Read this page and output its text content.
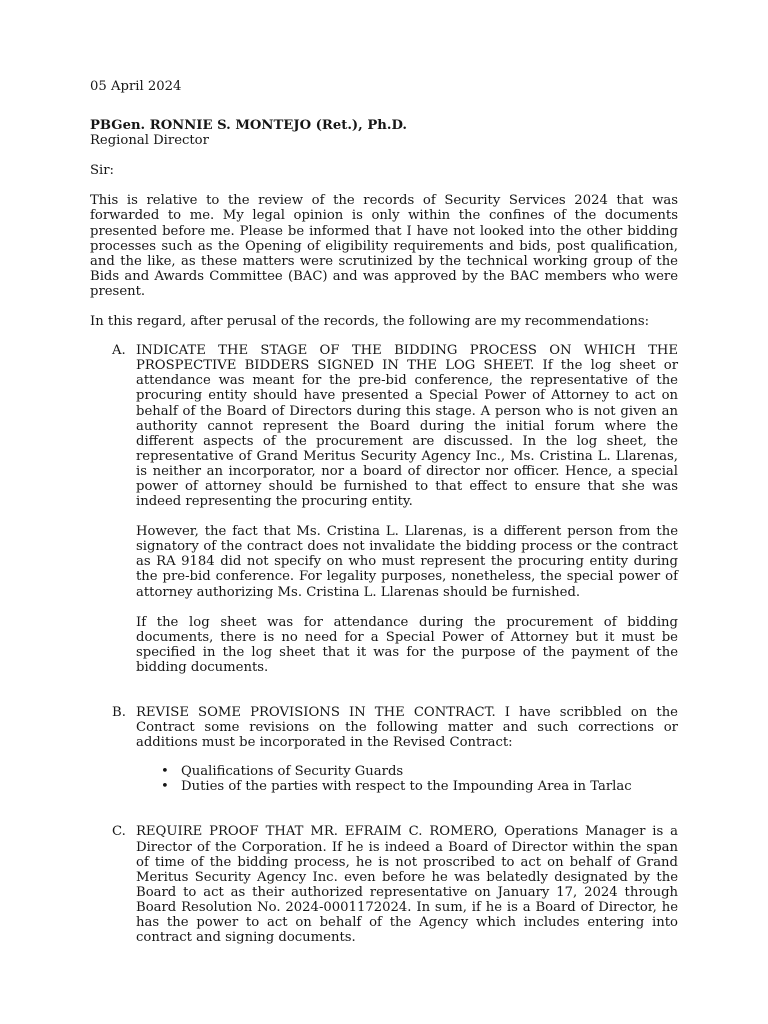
05 April 2024

PBGen. RONNIE S. MONTEJO (Ret.), Ph.D.

Regional Director

Sir:

This is relative to the review of the records of Security Services 2024 that was forwarded to me. My legal opinion is only within the confines of the documents presented before me. Please be informed that I have not looked into the other bidding processes such as the Opening of eligibility requirements and bids, post qualification, and the like, as these matters were scrutinized by the technical working group of the Bids and Awards Committee (BAC) and was approved by the BAC members who were present.

In this regard, after perusal of the records, the following are my recommendations:

A. INDICATE THE STAGE OF THE BIDDING PROCESS ON WHICH THE PROSPECTIVE BIDDERS SIGNED IN THE LOG SHEET. If the log sheet or attendance was meant for the pre-bid conference, the representative of the procuring entity should have presented a Special Power of Attorney to act on behalf of the Board of Directors during this stage. A person who is not given an authority cannot represent the Board during the initial forum where the different aspects of the procurement are discussed. In the log sheet, the representative of Grand Meritus Security Agency Inc., Ms. Cristina L. Llarenas, is neither an incorporator, nor a board of director nor officer. Hence, a special power of attorney should be furnished to that effect to ensure that she was indeed representing the procuring entity.

However, the fact that Ms. Cristina L. Llarenas, is a different person from the signatory of the contract does not invalidate the bidding process or the contract as RA 9184 did not specify on who must represent the procuring entity during the pre-bid conference. For legality purposes, nonetheless, the special power of attorney authorizing Ms. Cristina L. Llarenas should be furnished.

If the log sheet was for attendance during the procurement of bidding documents, there is no need for a Special Power of Attorney but it must be specified in the log sheet that it was for the purpose of the payment of the bidding documents.

B. REVISE SOME PROVISIONS IN THE CONTRACT. I have scribbled on the Contract some revisions on the following matter and such corrections or additions must be incorporated in the Revised Contract:

• Qualifications of Security Guards
• Duties of the parties with respect to the Impounding Area in Tarlac
C. REQUIRE PROOF THAT MR. EFRAIM C. ROMERO, Operations Manager is a Director of the Corporation. If he is indeed a Board of Director within the span of time of the bidding process, he is not proscribed to act on behalf of Grand Meritus Security Agency Inc. even before he was belatedly designated by the Board to act as their authorized representative on January 17, 2024 through Board Resolution No. 2024-0001172024. In sum, if he is a Board of Director, he has the power to act on behalf of the Agency which includes entering into contract and signing documents.
